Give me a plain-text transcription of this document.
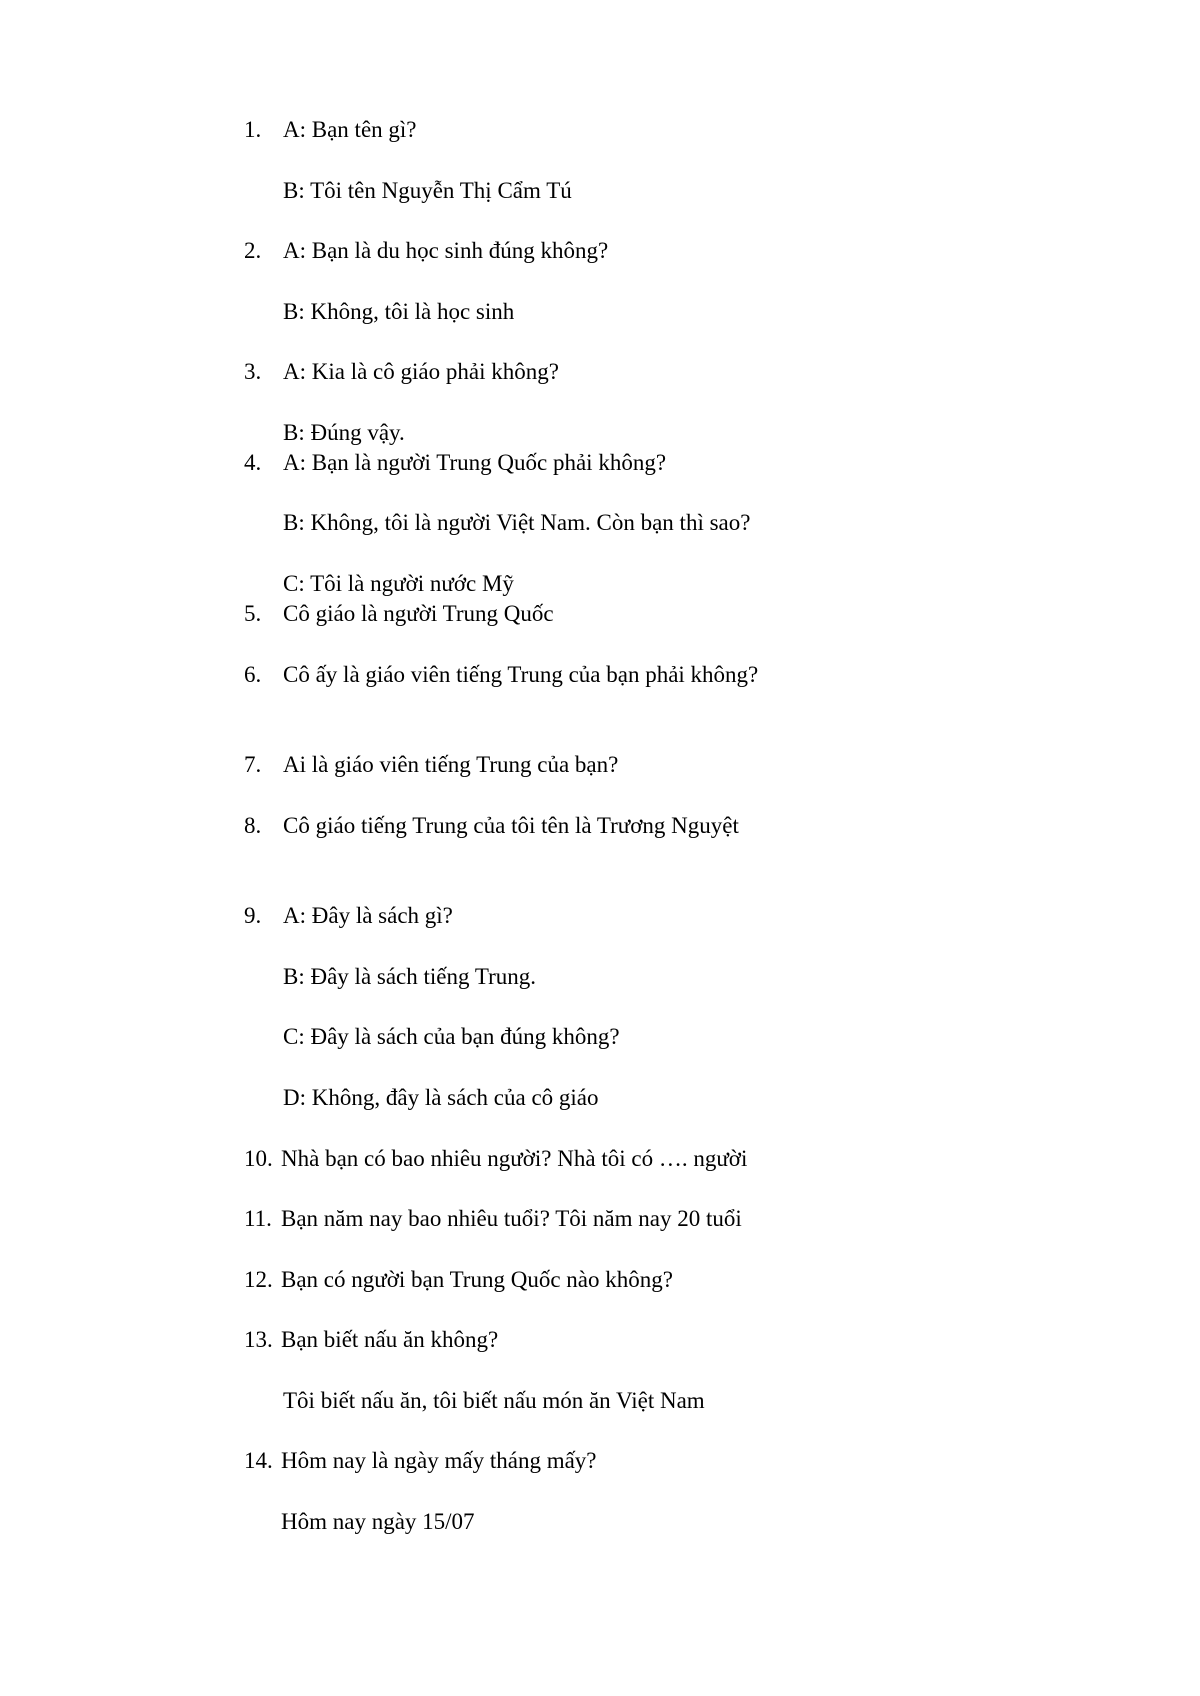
1. A: Bạn tên gì?
B: Tôi tên Nguyễn Thị Cẩm Tú
2. A: Bạn là du học sinh đúng không?
B: Không, tôi là học sinh
3. A: Kia là cô giáo phải không?
B: Đúng vậy.
4. A: Bạn là người Trung Quốc phải không?
B: Không, tôi là người Việt Nam. Còn bạn thì sao?
C: Tôi là người nước Mỹ
5. Cô giáo là người Trung Quốc
6. Cô ấy là giáo viên tiếng Trung của bạn phải không?
7. Ai là giáo viên tiếng Trung của bạn?
8. Cô giáo tiếng Trung của tôi tên là Trương Nguyệt
9. A: Đây là sách gì?
B: Đây là sách tiếng Trung.
C: Đây là sách của bạn đúng không?
D: Không, đây là sách của cô giáo
10. Nhà bạn có bao nhiêu người? Nhà tôi có …. người
11. Bạn năm nay bao nhiêu tuổi? Tôi năm nay 20 tuổi
12. Bạn có người bạn Trung Quốc nào không?
13. Bạn biết nấu ăn không?
Tôi biết nấu ăn, tôi biết nấu món ăn Việt Nam
14. Hôm nay là ngày mấy tháng mấy?
Hôm nay ngày 15/07
